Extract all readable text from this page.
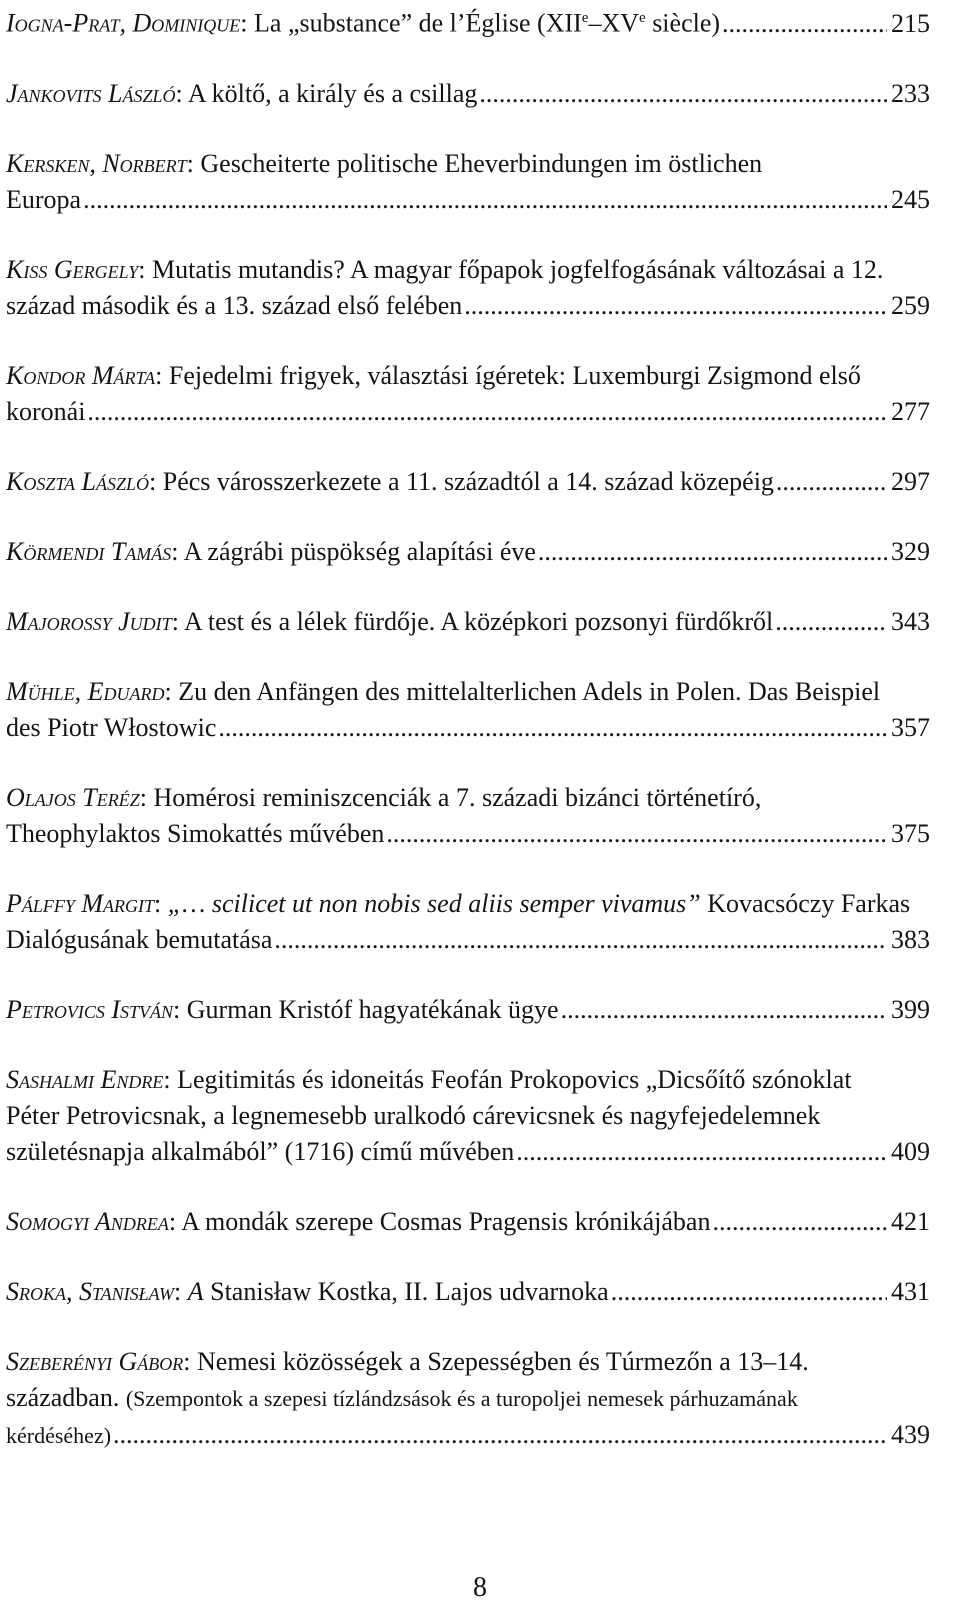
Iogna-Prat, Dominique: La „substance” de l’Église (XIIe–XVe siècle) .....	215
Jankovits László: A költő, a király és a csillag .....	233
Kersken, Norbert: Gescheiterte politische Eheverbindungen im östlichen
Europa .....	245
Kiss Gergely: Mutatis mutandis? A magyar főpapok jogfelfogásának változásai a 12.
század második és a 13. század első felében .....	259
Kondor Márta: Fejedelmi frigyek, választási ígéretek: Luxemburgi Zsigmond első
koronái .....	277
Koszta László: Pécs városszerkezete a 11. századtól a 14. század közepéig .....	297
Körmendi Tamás: A zágrábi püspökség alapítási éve .....	329
Majorossy Judit: A test és a lélek fürdője. A középkori pozsonyi fürdőkről .....	343
Mühle, Eduard: Zu den Anfängen des mittelalterlichen Adels in Polen. Das Beispiel
des Piotr Włostowic .....	357
Olajos Teréz: Homérosi reminiszcenciák a 7. századi bizánci történetíró,
Theophylaktos Simokattés művében .....	375
Pálffy Margit: „… scilicet ut non nobis sed aliis semper vivamus” Kovacsóczy Farkas
Dialógusának bemutatása .....	383
Petrovics István: Gurman Kristóf hagyatékának ügye .....	399
Sashalmi Endre: Legitimitás és idoneitás Feofán Prokopovics „Dicsőítő szónoklat
Péter Petrovicsnak, a legnemesebb uralkodó cárevicsnek és nagyfejedelemnek
születésnapja alkalmából” (1716) című művében .....	409
Somogyi Andrea: A mondák szerepe Cosmas Pragensis krónikájában .....	421
Sroka, Stanisław: A Stanisław Kostka, II. Lajos udvarnoka .....	431
Szeberényi Gábor: Nemesi közösségek a Szepességben és Túrmezőn a 13–14.
században. (Szempontok a szepesi tízlándzsások és a turopoljei nemesek párhuzamának
kérdéséhez) .....	439
8
